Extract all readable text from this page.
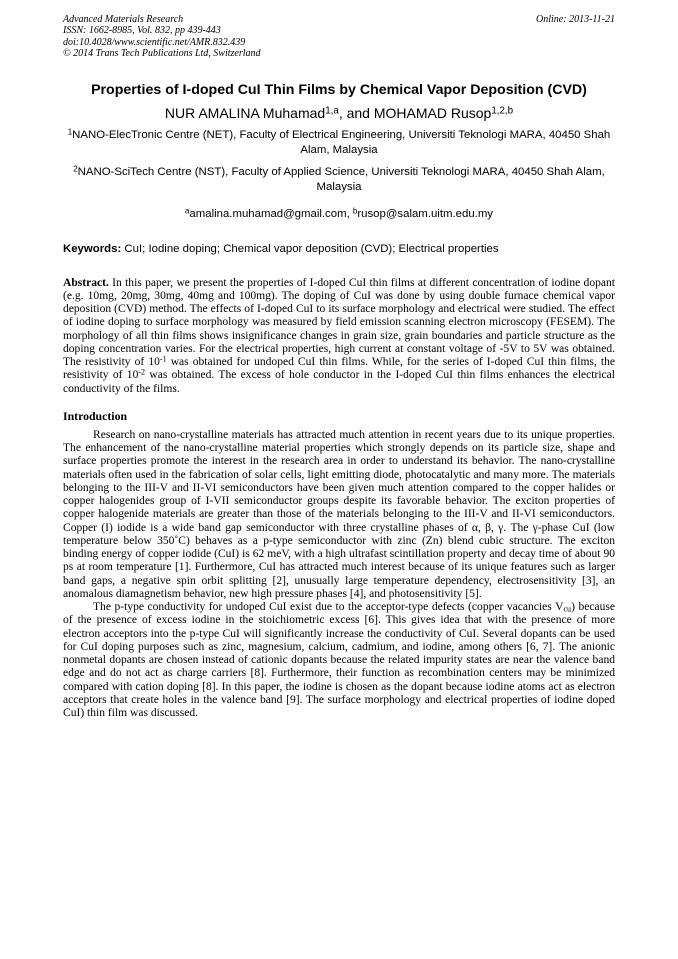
Advanced Materials Research
ISSN: 1662-8985, Vol. 832, pp 439-443
doi:10.4028/www.scientific.net/AMR.832.439
© 2014 Trans Tech Publications Ltd, Switzerland
Online: 2013-11-21
Properties of I-doped CuI Thin Films by Chemical Vapor Deposition (CVD)
NUR AMALINA Muhamad$^{1,a}$, and MOHAMAD Rusop$^{1,2,b}$
$^1$NANO-ElecTronic Centre (NET), Faculty of Electrical Engineering, Universiti Teknologi MARA, 40450 Shah Alam, Malaysia
$^2$NANO-SciTech Centre (NST), Faculty of Applied Science, Universiti Teknologi MARA, 40450 Shah Alam, Malaysia
$^a$amalina.muhamad@gmail.com, $^b$rusop@salam.uitm.edu.my
Keywords: CuI; Iodine doping; Chemical vapor deposition (CVD); Electrical properties
Abstract. In this paper, we present the properties of I-doped CuI thin films at different concentration of iodine dopant (e.g. 10mg, 20mg, 30mg, 40mg and 100mg). The doping of CuI was done by using double furnace chemical vapor deposition (CVD) method. The effects of I-doped CuI to its surface morphology and electrical were studied. The effect of iodine doping to surface morphology was measured by field emission scanning electron microscopy (FESEM). The morphology of all thin films shows insignificance changes in grain size, grain boundaries and particle structure as the doping concentration varies. For the electrical properties, high current at constant voltage of -5V to 5V was obtained. The resistivity of $10^{-1}$ was obtained for undoped CuI thin films. While, for the series of I-doped CuI thin films, the resistivity of $10^{-2}$ was obtained. The excess of hole conductor in the I-doped CuI thin films enhances the electrical conductivity of the films.
Introduction
Research on nano-crystalline materials has attracted much attention in recent years due to its unique properties. The enhancement of the nano-crystalline material properties which strongly depends on its particle size, shape and surface properties promote the interest in the research area in order to understand its behavior. The nano-crystalline materials often used in the fabrication of solar cells, light emitting diode, photocatalytic and many more. The materials belonging to the III-V and II-VI semiconductors have been given much attention compared to the copper halides or copper halogenides group of I-VII semiconductor groups despite its favorable behavior. The exciton properties of copper halogenide materials are greater than those of the materials belonging to the III-V and II-VI semiconductors. Copper (I) iodide is a wide band gap semiconductor with three crystalline phases of α, β, γ. The γ-phase CuI (low temperature below 350˚C) behaves as a p-type semiconductor with zinc (Zn) blend cubic structure. The exciton binding energy of copper iodide (CuI) is 62 meV, with a high ultrafast scintillation property and decay time of about 90 ps at room temperature [1]. Furthermore, CuI has attracted much interest because of its unique features such as larger band gaps, a negative spin orbit splitting [2], unusually large temperature dependency, electrosensitivity [3], an anomalous diamagnetism behavior, new high pressure phases [4], and photosensitivity [5].
The p-type conductivity for undoped CuI exist due to the acceptor-type defects (copper vacancies $V_{cu}$) because of the presence of excess iodine in the stoichiometric excess [6]. This gives idea that with the presence of more electron acceptors into the p-type CuI will significantly increase the conductivity of CuI. Several dopants can be used for CuI doping purposes such as zinc, magnesium, calcium, cadmium, and iodine, among others [6, 7]. The anionic nonmetal dopants are chosen instead of cationic dopants because the related impurity states are near the valence band edge and do not act as charge carriers [8]. Furthermore, their function as recombination centers may be minimized compared with cation doping [8]. In this paper, the iodine is chosen as the dopant because iodine atoms act as electron acceptors that create holes in the valence band [9]. The surface morphology and electrical properties of iodine doped CuI) thin film was discussed.
